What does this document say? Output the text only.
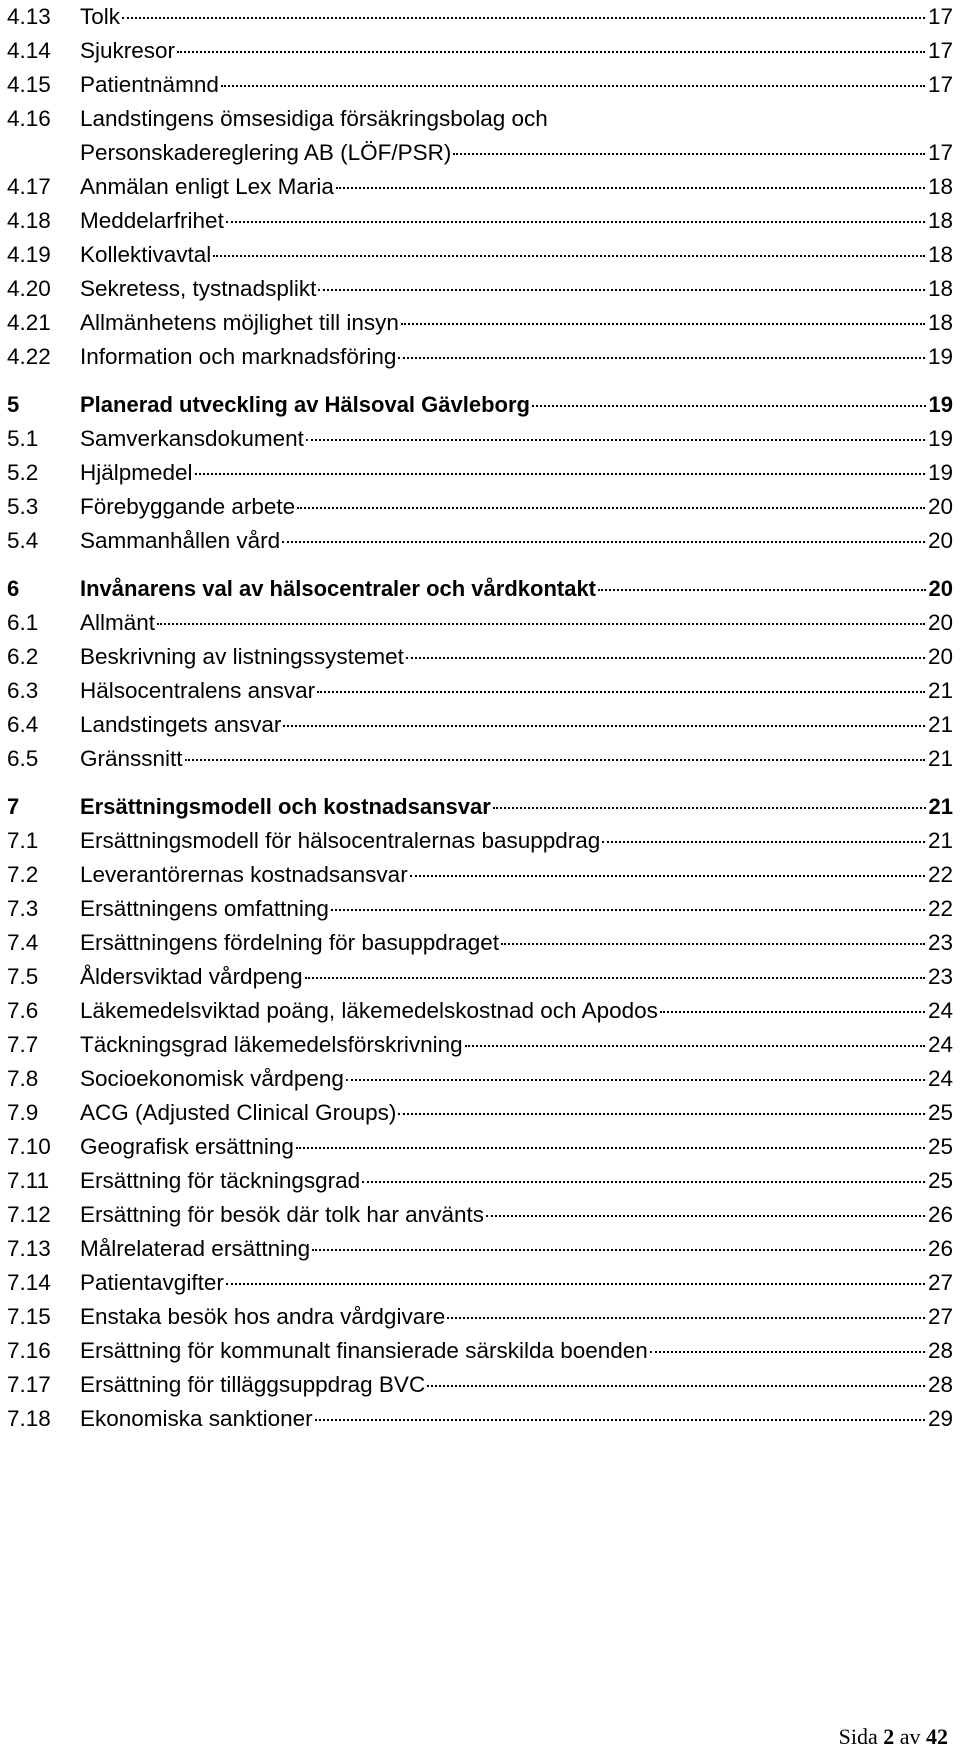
4.13	Tolk	17
4.14	Sjukresor	17
4.15	Patientnämnd	17
4.16	Landstingens ömsesidiga försäkringsbolag och
Personskadereglering AB (LÖF/PSR)	17
4.17	Anmälan enligt Lex Maria	18
4.18	Meddelarfrihet	18
4.19	Kollektivavtal	18
4.20	Sekretess, tystnadsplikt	18
4.21	Allmänhetens möjlighet till insyn	18
4.22	Information och marknadsföring	19
5	Planerad utveckling av Hälsoval Gävleborg	19
5.1	Samverkansdokument	19
5.2	Hjälpmedel	19
5.3	Förebyggande arbete	20
5.4	Sammanhållen vård	20
6	Invånarens val av hälsocentraler och vårdkontakt	20
6.1	Allmänt	20
6.2	Beskrivning av listningssystemet	20
6.3	Hälsocentralens ansvar	21
6.4	Landstingets ansvar	21
6.5	Gränssnitt	21
7	Ersättningsmodell och kostnadsansvar	21
7.1	Ersättningsmodell för hälsocentralernas basuppdrag	21
7.2	Leverantörernas kostnadsansvar	22
7.3	Ersättningens omfattning	22
7.4	Ersättningens fördelning för basuppdraget	23
7.5	Åldersviktad vårdpeng	23
7.6	Läkemedelsviktad poäng, läkemedelskostnad och Apodos	24
7.7	Täckningsgrad läkemedelsförskrivning	24
7.8	Socioekonomisk vårdpeng	24
7.9	ACG (Adjusted Clinical Groups)	25
7.10	Geografisk ersättning	25
7.11	Ersättning för täckningsgrad	25
7.12	Ersättning för besök där tolk har använts	26
7.13	Målrelaterad ersättning	26
7.14	Patientavgifter	27
7.15	Enstaka besök hos andra vårdgivare	27
7.16	Ersättning för kommunalt finansierade särskilda boenden	28
7.17	Ersättning för tilläggsuppdrag BVC	28
7.18	Ekonomiska sanktioner	29
Sida 2 av 42
